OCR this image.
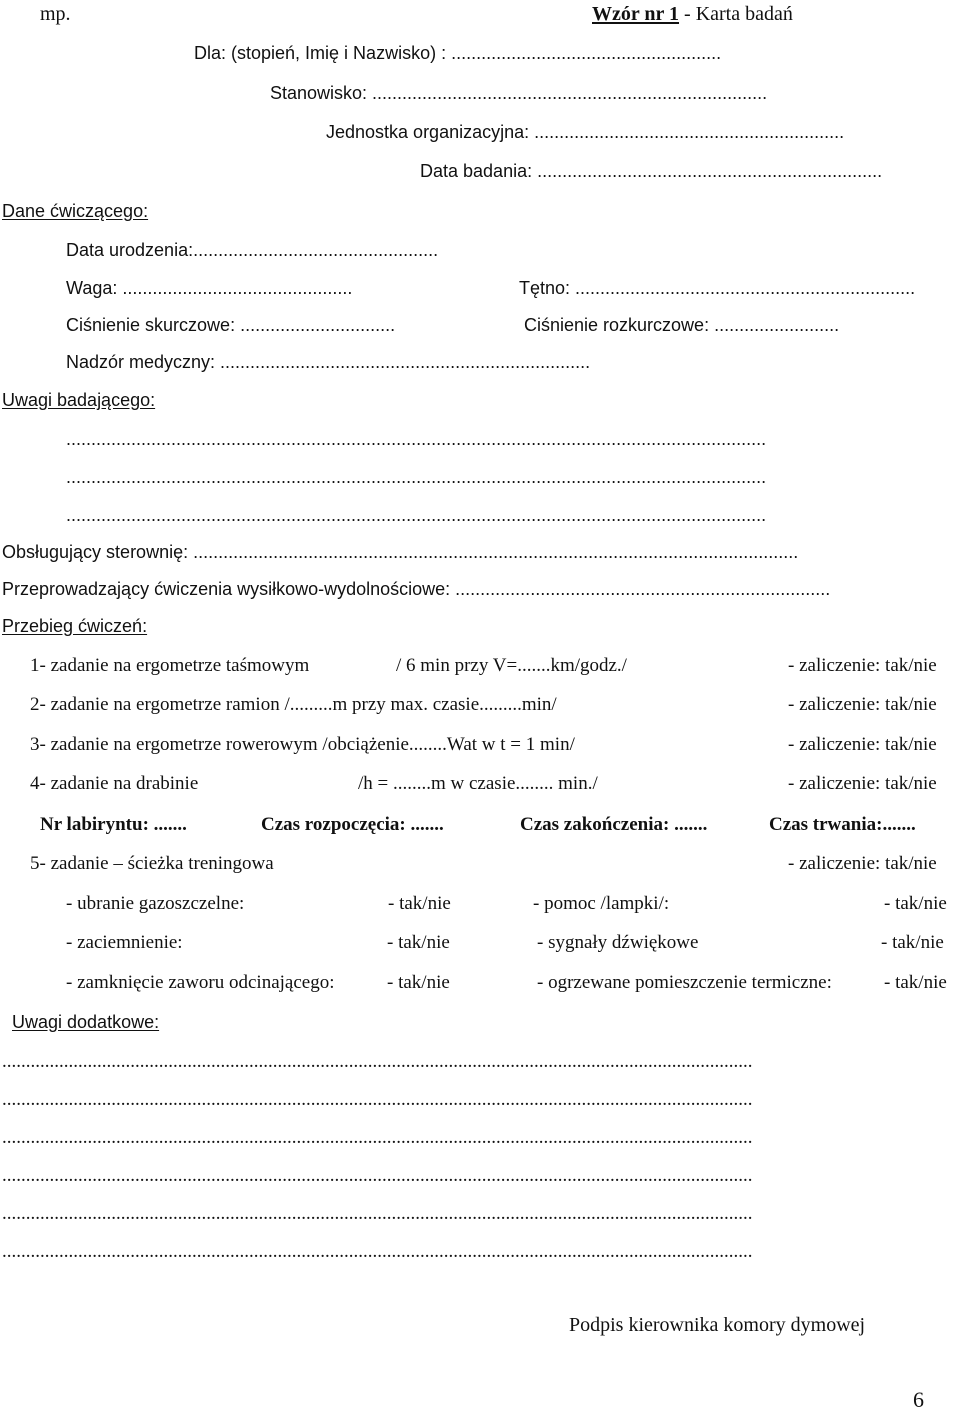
mp.	Wzór nr 1 - Karta badań
Dla: (stopień, Imię i Nazwisko) : ......................................................
Stanowisko: ...............................................................................
Jednostka organizacyjna: ..............................................................
Data badania: .....................................................................
Dane ćwiczącego:
Data urodzenia:.................................................
Waga: ..............................................	Tętno: ....................................................................
Ciśnienie skurczowe: ...............................	Ciśnienie rozkurczowe: .........................
Nadzór medyczny: ..........................................................................
Uwagi badającego:
............................................................................................................................................
............................................................................................................................................
............................................................................................................................................
Obsługujący sterownię: .........................................................................................................................
Przeprowadzający ćwiczenia wysiłkowo-wydolnościowe: ...........................................................................
Przebieg ćwiczeń:
1- zadanie na ergometrze taśmowym	/ 6 min przy V=.......km/godz./	- zaliczenie: tak/nie
2- zadanie na ergometrze ramion /.........m przy max. czasie.........min/	- zaliczenie: tak/nie
3- zadanie na ergometrze rowerowym /obciążenie........Wat w t = 1 min/	- zaliczenie: tak/nie
4- zadanie na drabinie	/h = ........m w czasie........ min./	- zaliczenie: tak/nie
Nr labiryntu: .......	Czas rozpoczęcia: .......	Czas zakończenia: .......	Czas trwania:.......
5- zadanie – ścieżka treningowa	- zaliczenie: tak/nie
- ubranie gazoszczelne:	- tak/nie	- pomoc /lampki/:	- tak/nie
- zaciemnienie:	- tak/nie	- sygnały dźwiękowe	- tak/nie
- zamknięcie zaworu odcinającego:	- tak/nie	- ogrzewane pomieszczenie termiczne:	- tak/nie
Uwagi dodatkowe:
..............................................................................................................................................................
..............................................................................................................................................................
..............................................................................................................................................................
..............................................................................................................................................................
..............................................................................................................................................................
..............................................................................................................................................................
Podpis kierownika komory dymowej
6
